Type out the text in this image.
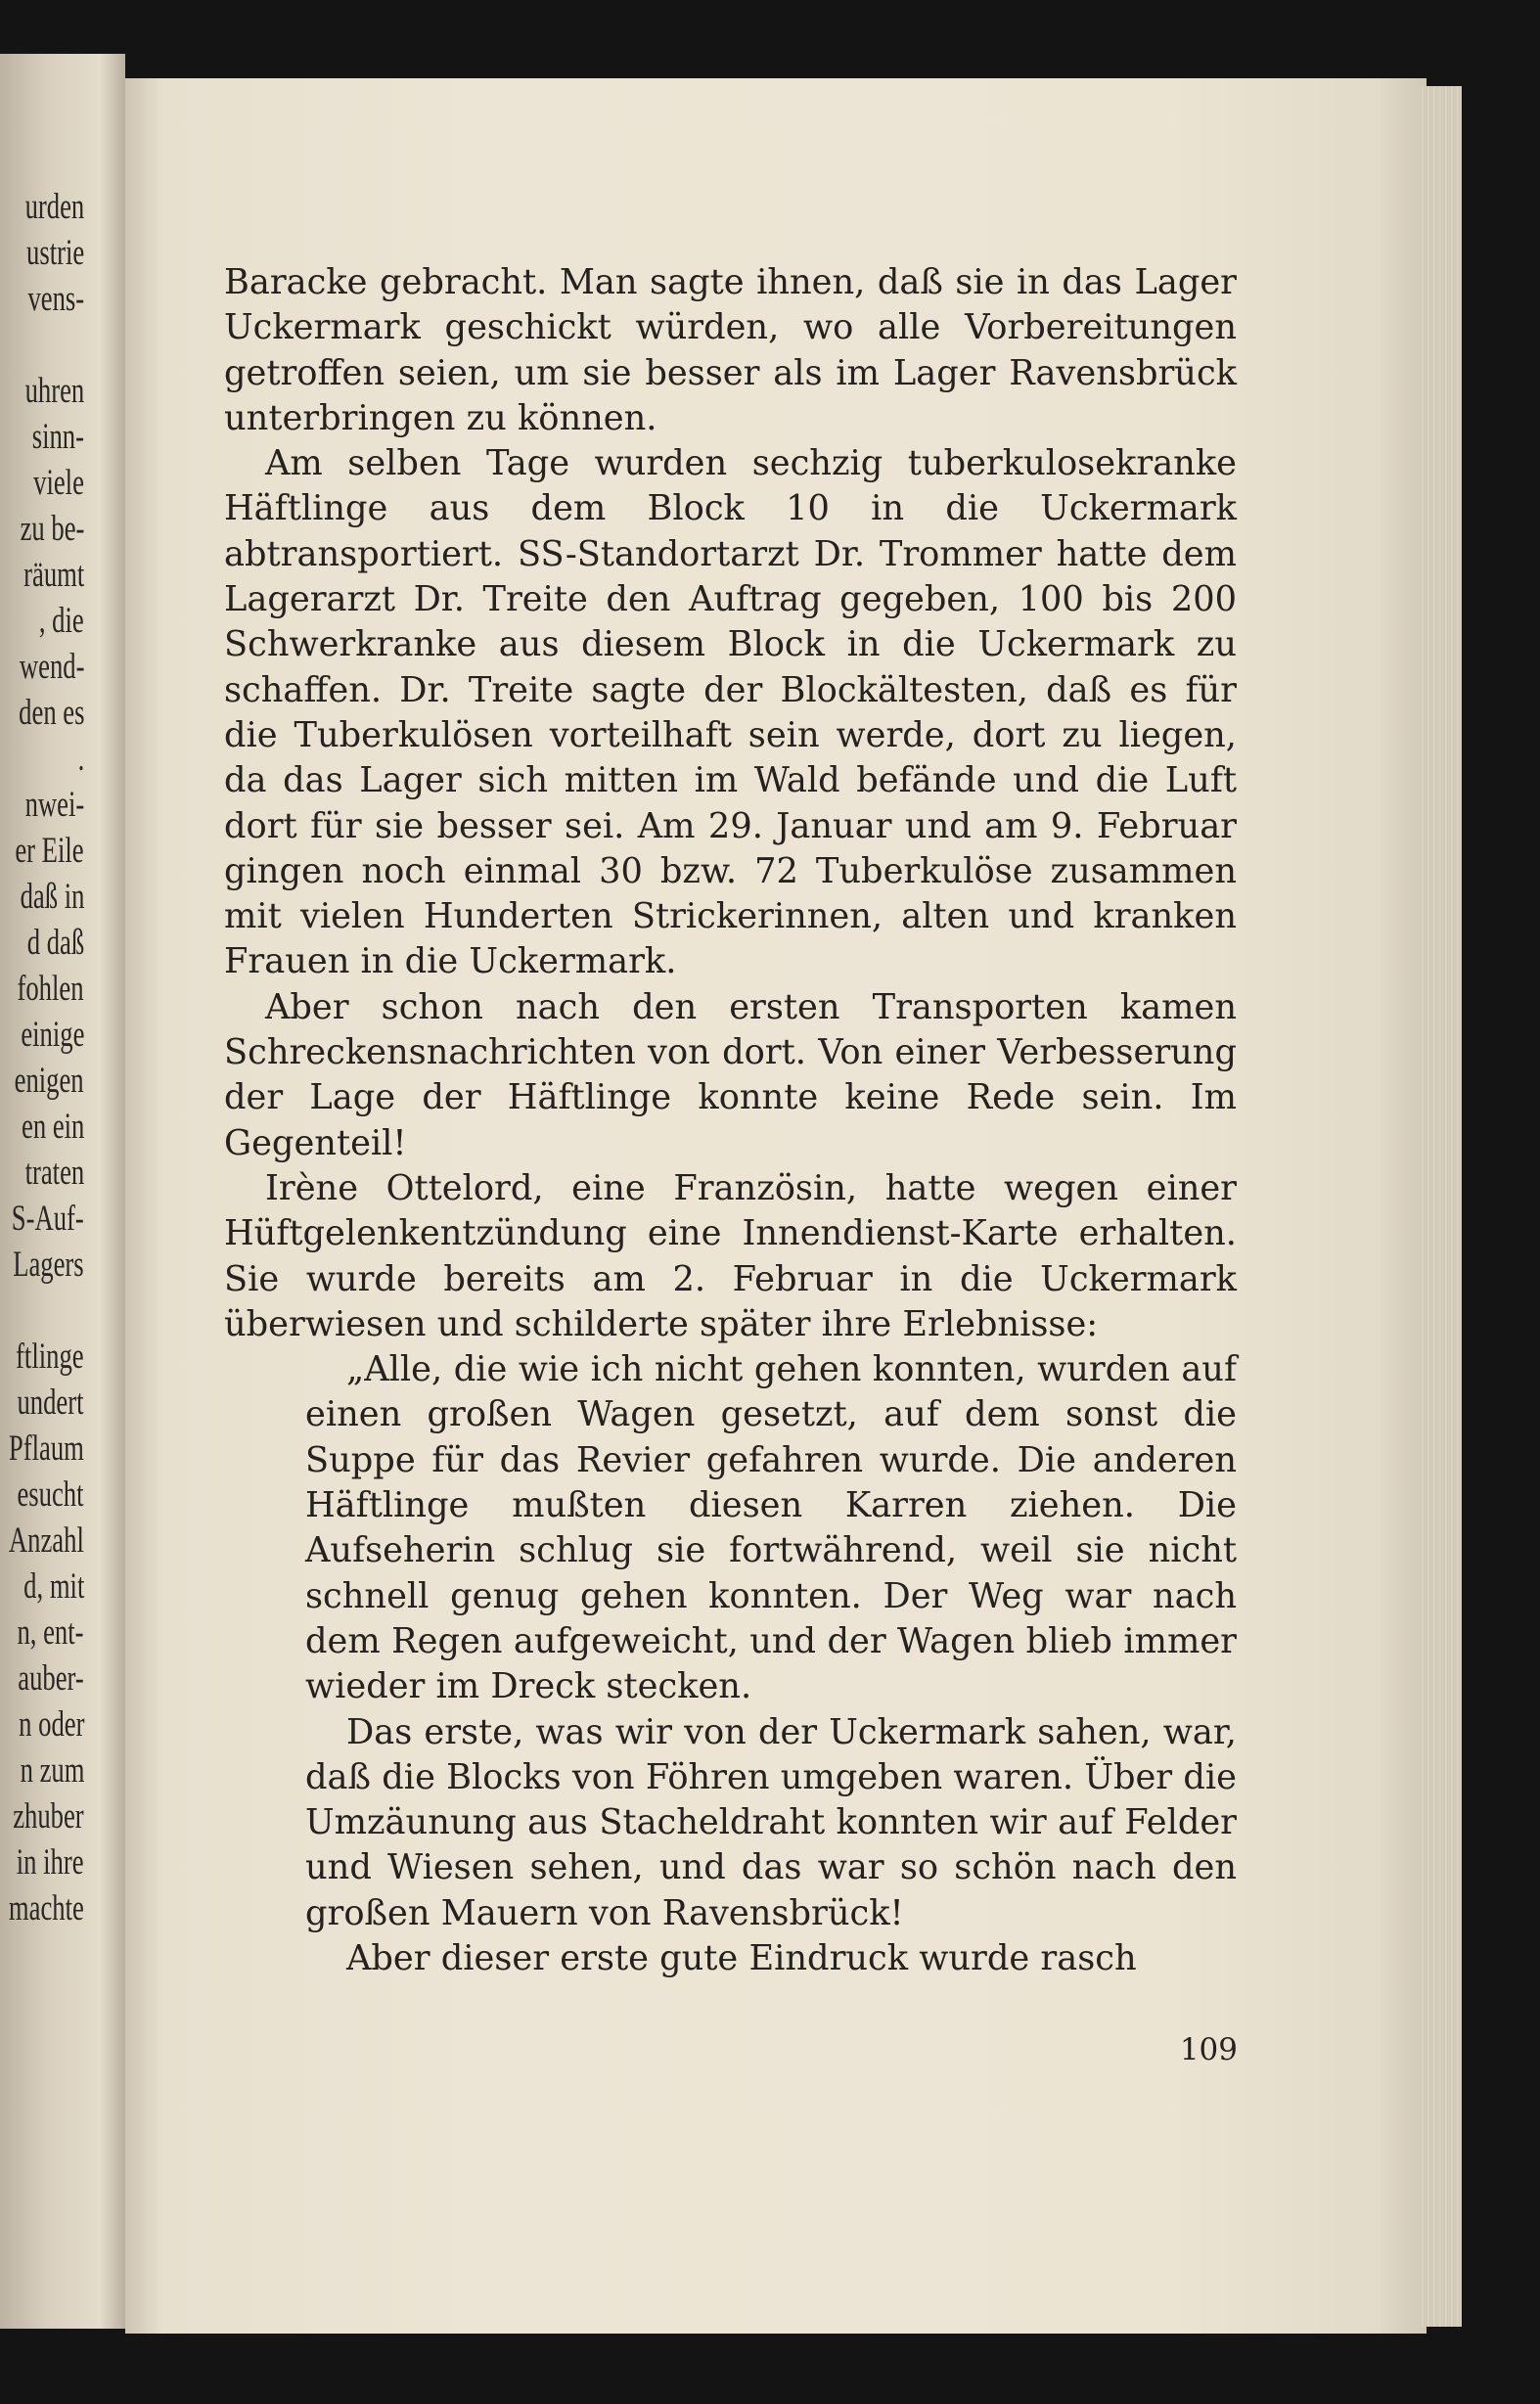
urden
ustrie
vens-
uhren
sinn-
viele
zu be-
räumt
, die
wend-
den es
.
nwei-
er Eile
daß in
d daß
fohlen
einige
enigen
en ein
traten
S-Auf-
Lagers
ftlinge
undert
Pflaum
esucht
Anzahl
d, mit
n, ent-
auber-
n oder
n zum
zhuber
in ihre
machte

Baracke gebracht. Man sagte ihnen, daß sie in das Lager Uckermark geschickt würden, wo alle Vorbereitungen getroffen seien, um sie besser als im Lager Ravensbrück unterbringen zu können.

Am selben Tage wurden sechzig tuberkulosekranke Häftlinge aus dem Block 10 in die Uckermark abtransportiert. SS-Standortarzt Dr. Trommer hatte dem Lagerarzt Dr. Treite den Auftrag gegeben, 100 bis 200 Schwerkranke aus diesem Block in die Uckermark zu schaffen. Dr. Treite sagte der Blockältesten, daß es für die Tuberkulösen vorteilhaft sein werde, dort zu liegen, da das Lager sich mitten im Wald befände und die Luft dort für sie besser sei. Am 29. Januar und am 9. Februar gingen noch einmal 30 bzw. 72 Tuberkulöse zusammen mit vielen Hunderten Strickerinnen, alten und kranken Frauen in die Uckermark.

Aber schon nach den ersten Transporten kamen Schreckensnachrichten von dort. Von einer Verbesserung der Lage der Häftlinge konnte keine Rede sein. Im Gegenteil!

Irène Ottelord, eine Französin, hatte wegen einer Hüftgelenkentzündung eine Innendienst-Karte erhalten. Sie wurde bereits am 2. Februar in die Uckermark überwiesen und schilderte später ihre Erlebnisse:

„Alle, die wie ich nicht gehen konnten, wurden auf einen großen Wagen gesetzt, auf dem sonst die Suppe für das Revier gefahren wurde. Die anderen Häftlinge mußten diesen Karren ziehen. Die Aufseherin schlug sie fortwährend, weil sie nicht schnell genug gehen konnten. Der Weg war nach dem Regen aufgeweicht, und der Wagen blieb immer wieder im Dreck stecken.

Das erste, was wir von der Uckermark sahen, war, daß die Blocks von Föhren umgeben waren. Über die Umzäunung aus Stacheldraht konnten wir auf Felder und Wiesen sehen, und das war so schön nach den großen Mauern von Ravensbrück!

Aber dieser erste gute Eindruck wurde rasch

109
